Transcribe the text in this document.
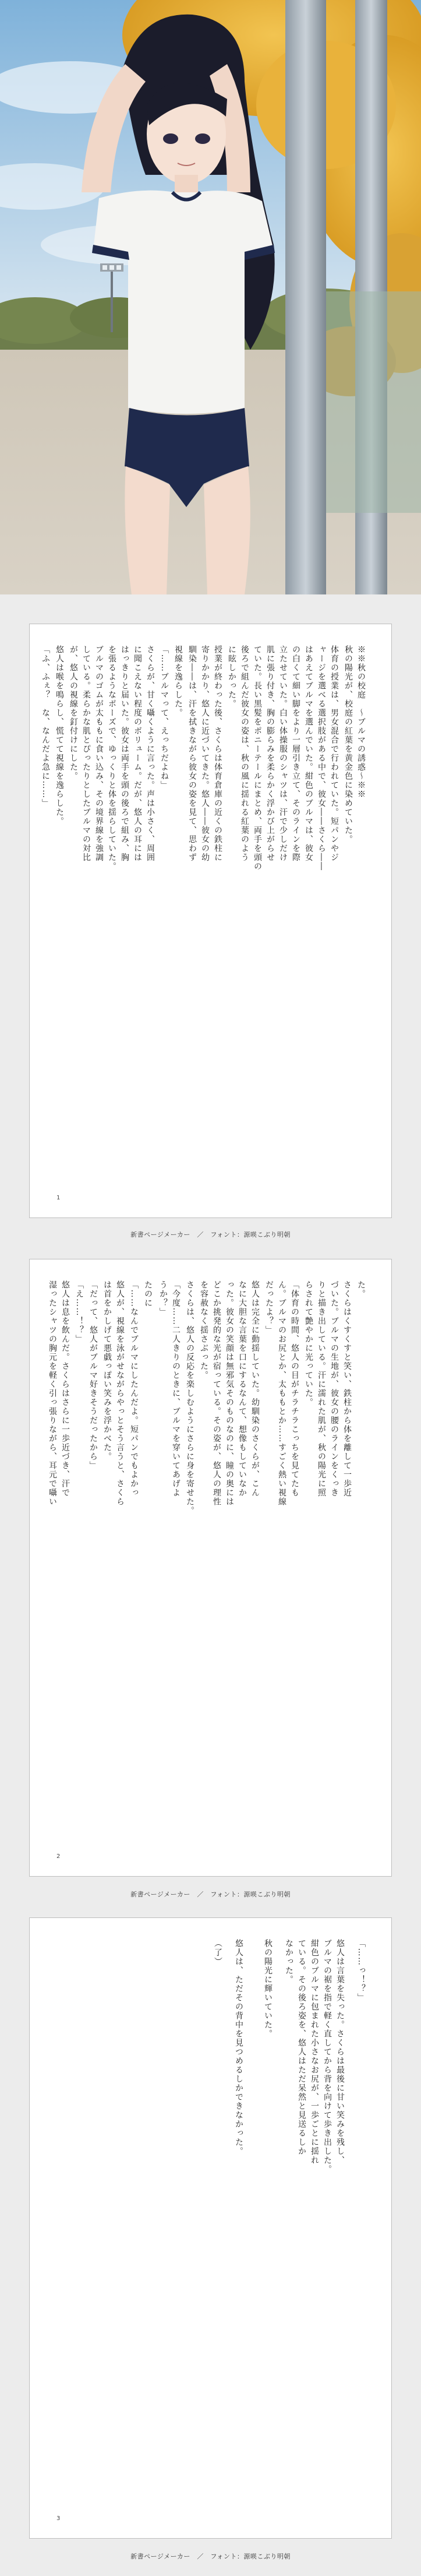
※※秋の校庭　～ブルマの誘惑～※※

秋の陽光が、校庭の紅葉を黄金色に染めていた。

体育の授業は、男女混合で行われていた。短パンやジ

ャージを選べる選択肢がある中で、彼女――さくら――

はあえてブルマを選んでいた。紺色のブルマは、彼女

の白くて細い脚をより一層引き立て、そのラインを際

立たせていた。白い体操服のシャツは、汗で少しだけ

肌に張り付き、胸の膨らみを柔らかく浮かび上がらせ

ていた。長い黒髪をポニーテールにまとめ、両手を頭の

後ろで組んだ彼女の姿は、秋の風に揺れる紅葉のよう

に眩しかった。

授業が終わった後、さくらは体育倉庫の近くの鉄柱に

寄りかかり、悠人に近づいてきた。悠人――彼女の幼

馴染――は、汗を拭きながら彼女の姿を見て、思わず

視線を逸らした。

「……ブルマって、えっちだよね」

さくらが、甘く囁くように言った。声は小さく、周囲

に聞こえない程度のボリューム。だが、悠人の耳には

はっきりと届いた。彼女は両手を頭の後ろで組み、胸

を張るようなポーズで、ゆっくりと体を揺らしていた。

ブルマのゴムが太ももに食い込み、その境界線を強調

している。柔らかな肌とぴったりとしたブルマの対比

が、悠人の視線を釘付けにした。

悠人は喉を鳴らし、慌てて視線を逸らした。

「ふ、ふぇ？　な、なんだよ急に……」

1
新書ページメーカー　／　フォント：源暎こぶり明朝

た。

さくらはくすくすと笑い、鉄柱から体を離して一歩近

づいた。ブルマの生地が、彼女の腰のラインをくっき

りと描き出している。汗に濡れた肌が、秋の陽光に照

らされて艶やかに光っていた。

「体育の時間、悠人の目がチラチラこっちを見てたも

ん。ブルマのお尻とか、太ももとか……すごく熱い視線

だったよ？」

悠人は完全に動揺していた。幼馴染のさくらが、こん

なに大胆な言葉を口にするなんて、想像もしていなか

った。彼女の笑顔は無邪気そのものなのに、瞳の奥には

どこか挑発的な光が宿っている。その姿が、悠人の理性

を容赦なく揺さぶった。

さくらは、悠人の反応を楽しむようにさらに身を寄せた。

「今度……二人きりのときに、ブルマを穿いてあげよ

うか？」

たのに

「……なんでブルマにしたんだよ。短パンでもよかっ

悠人が、視線を泳がせながらやっとそう言うと、さくら

は首をかしげて悪戯っぽい笑みを浮かべた。

「だって、悠人がブルマ好きそうだったから」

「え……！？」

悠人は息を飲んだ。さくらはさらに一歩近づき、汗で

湿ったシャツの胸元を軽く引っ張りながら、耳元で囁い

2
新書ページメーカー　／　フォント：源暎こぶり明朝

「……っ！？」

悠人は言葉を失った。さくらは最後に甘い笑みを残し、

ブルマの裾を指で軽く直してから背を向けて歩き出した。

紺色のブルマに包まれた小さなお尻が、一歩ごとに揺れ

ている。その後ろ姿を、悠人はただ呆然と見送るしか

なかった。

秋の陽光に輝いていた。

悠人は、ただその背中を見つめるしかできなかった。

（了）

3
新書ページメーカー　／　フォント：源暎こぶり明朝
